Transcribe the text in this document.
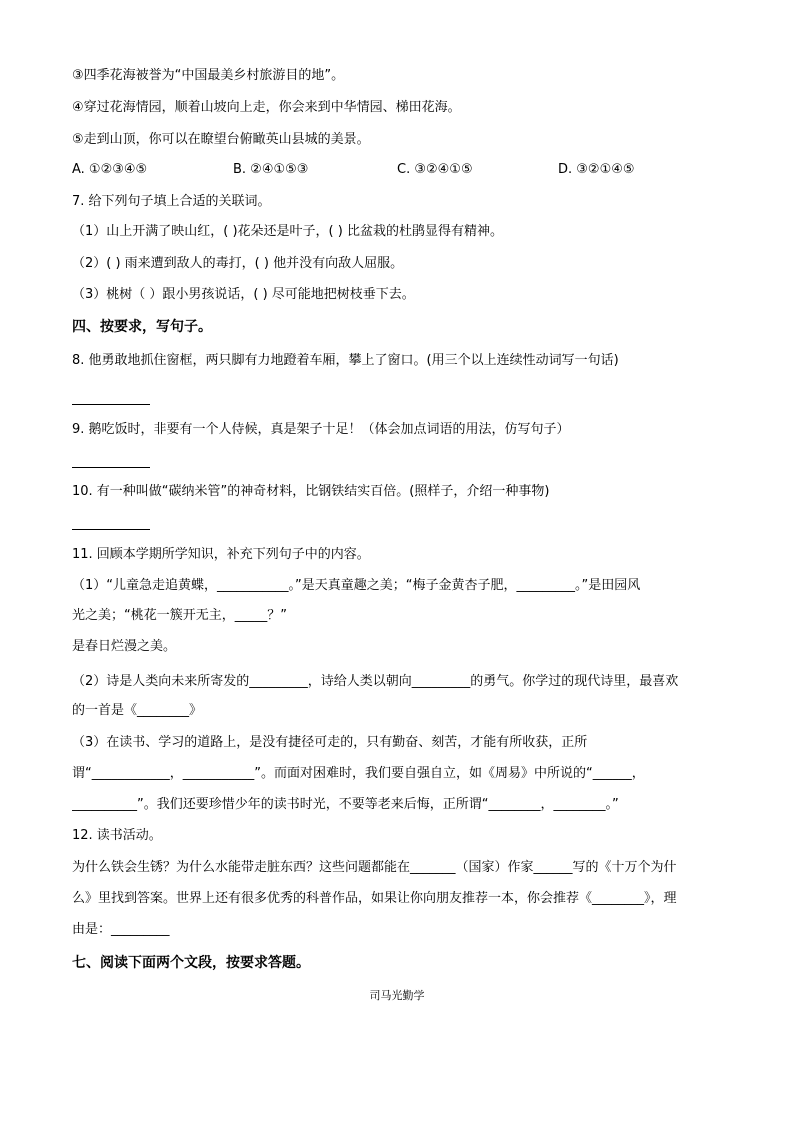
③四季花海被誉为“中国最美乡村旅游目的地”。
④穿过花海情园，顺着山坡向上走，你会来到中华情园、梯田花海。
⑤走到山顶，你可以在瞭望台俯瞰英山县城的美景。
A. ①②③④⑤	B. ②④①⑤③	C. ③②④①⑤	D. ③②①④⑤
7. 给下列句子填上合适的关联词。
（1）山上开满了映山红，( )花朵还是叶子，( ) 比盆栽的杜鹃显得有精神。
（2）( ) 雨来遭到敌人的毒打，( ) 他并没有向敌人屈服。
（3）桃树（ ）跟小男孩说话，( ) 尽可能地把树枝垂下去。
四、按要求，写句子。
8. 他勇敢地抓住窗框，两只脚有力地蹬着车厢，攀上了窗口。(用三个以上连续性动词写一句话)
9. 鹅吃饭时，非要有一个人侍候，真是架子十足！（体会加点词语的用法，仿写句子）
10. 有一种叫做“碳纳米管”的神奇材料，比钢铁结实百倍。(照样子，介绍一种事物)
11. 回顾本学期所学知识，补充下列句子中的内容。
（1）“儿童急走追黄蝶，___________。”是天真童趣之美；“梅子金黄杏子肥，_________。”是田园风
光之美；“桃花一簇开无主，_____？”
是春日烂漫之美。
（2）诗是人类向未来所寄发的_________，诗给人类以朝向_________的勇气。你学过的现代诗里，最喜欢
的一首是《________》
（3）在读书、学习的道路上，是没有捷径可走的，只有勤奋、刻苦，才能有所收获，正所
谓“____________，___________”。而面对困难时，我们要自强自立，如《周易》中所说的“______，
__________”。我们还要珍惜少年的读书时光，不要等老来后悔，正所谓“________，________。”
12. 读书活动。
为什么铁会生锈？为什么水能带走脏东西？这些问题都能在_______（国家）作家______写的《十万个为什
么》里找到答案。世界上还有很多优秀的科普作品，如果让你向朋友推荐一本，你会推荐《________》，理
由是：_________
七、阅读下面两个文段，按要求答题。
司马光勤学
